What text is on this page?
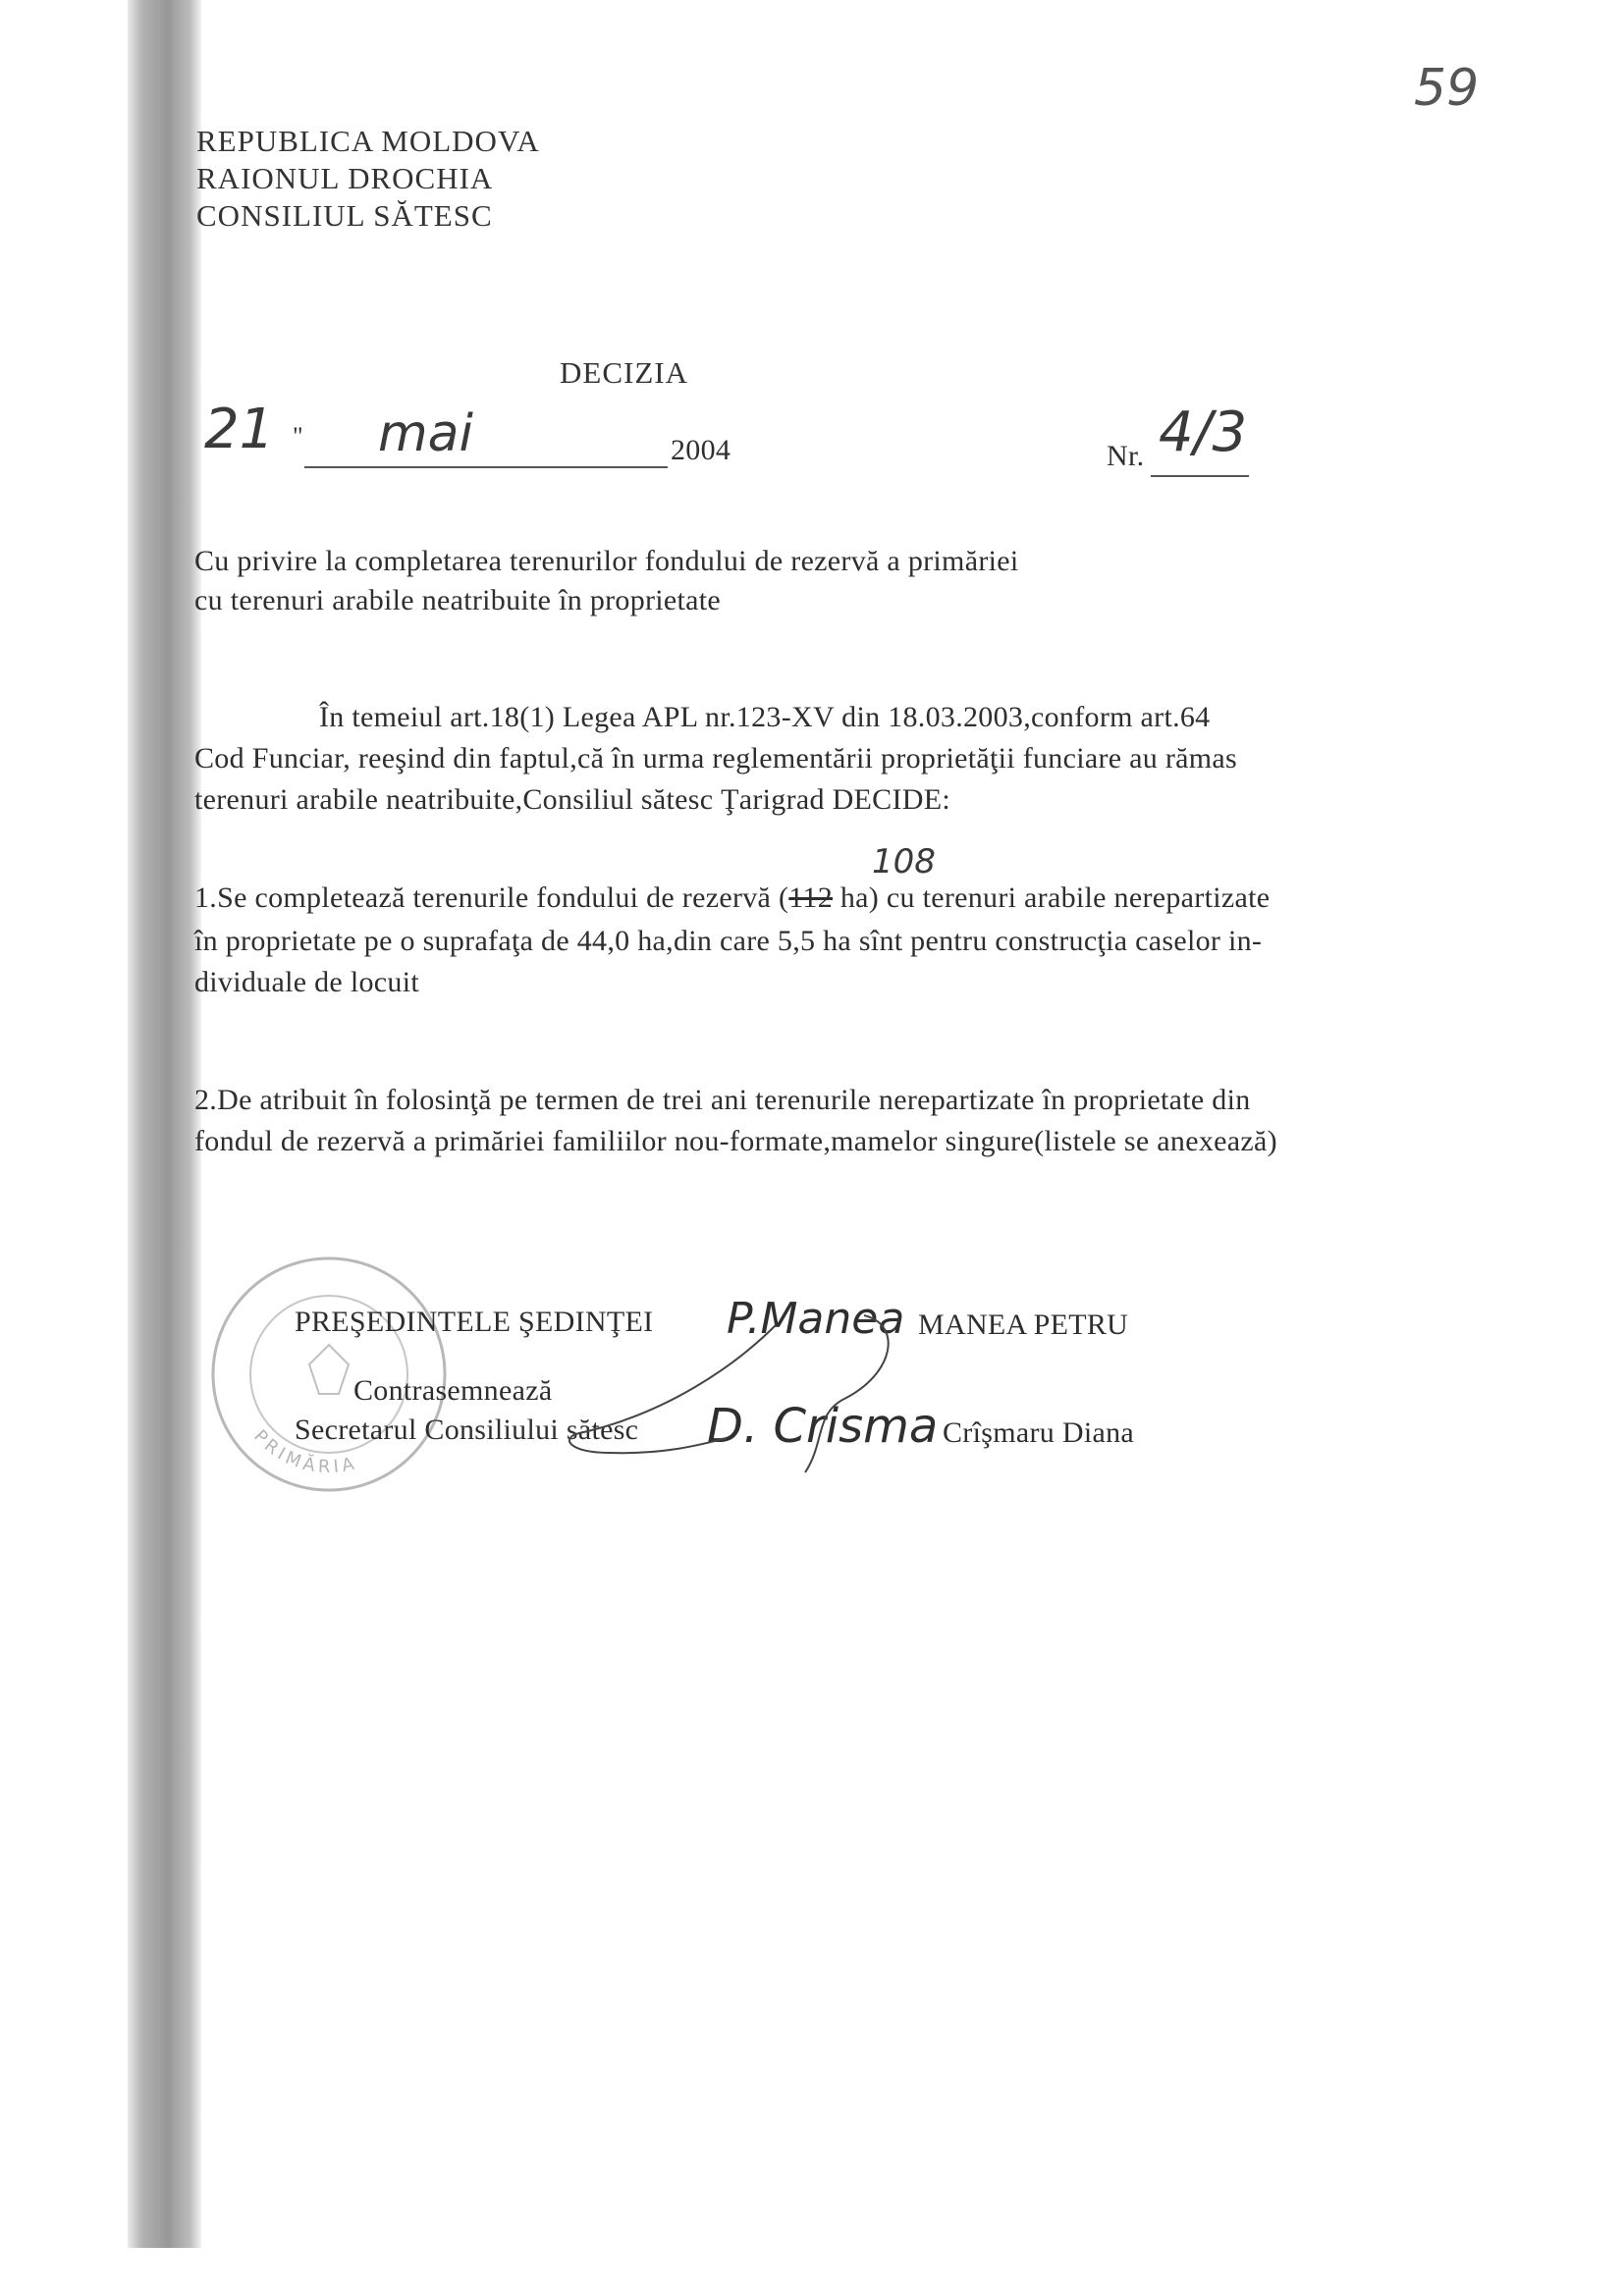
59
REPUBLICA MOLDOVA
RAIONUL DROCHIA
CONSILIUL SĂTESC
DECIZIA
21 " mai	2004	Nr. 4/3
Cu privire la completarea terenurilor fondului de rezervă a primăriei
cu terenuri arabile neatribuite în proprietate
În temeiul art.18(1) Legea APL nr.123-XV din 18.03.2003,conform art.64
Cod Funciar, reeşind din faptul,că în urma reglementării proprietăţii funciare au rămas
terenuri arabile neatribuite,Consiliul sătesc Ţarigrad DECIDE:
108
1.Se completează terenurile fondului de rezervă (112 ha) cu terenuri arabile nerepartizate
în proprietate pe o suprafaţa de 44,0 ha,din care 5,5 ha sînt pentru construcţia caselor in-
dividuale de locuit
2.De atribuit în folosinţă pe termen de trei ani terenurile nerepartizate în proprietate din
fondul de rezervă a primăriei familiilor nou-formate,mamelor singure(listele se anexează)
PRIMĂRIA
PREŞEDINTELE ŞEDINŢEI P.Manea MANEA PETRU
Contrasemnează
Secretarul Consiliului sătesc D. Crisma Crîşmaru Diana
